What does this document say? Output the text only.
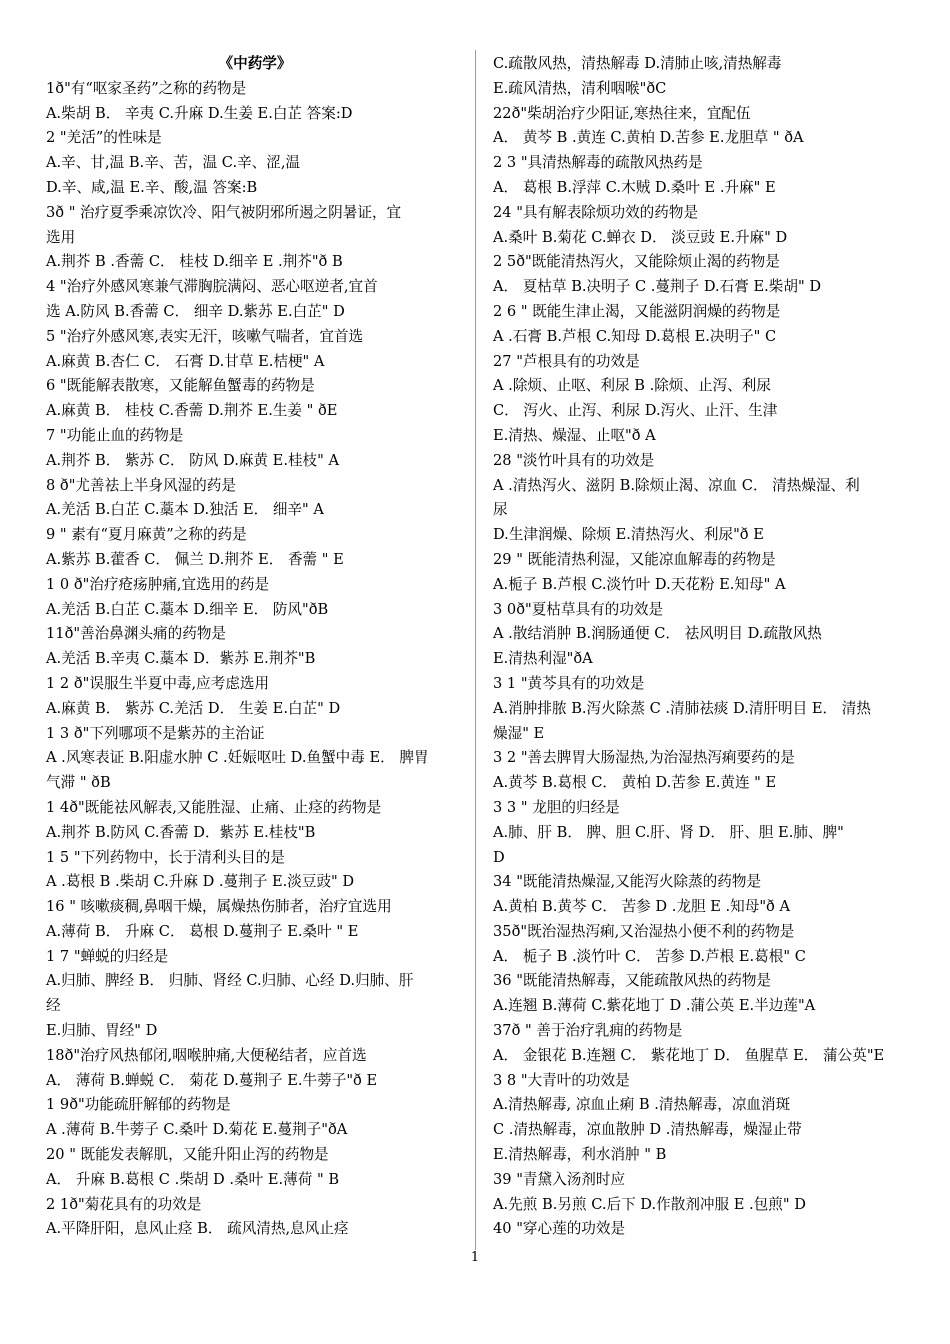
《中药学》
1ð"有“呕家圣药”之称的药物是
A.柴胡 B． 辛夷 C.升麻 D.生姜 E.白芷 答案:D
2 "羌活”的性味是
A.辛、甘,温 B.辛、苦，温 C.辛、涩,温
D.辛、咸,温 E.辛、酸,温 答案:B
3ð " 治疗夏季乘凉饮冷、阳气被阴邪所遏之阴暑证，宜
选用
A.荆芥 B .香薷 C． 桂枝 D.细辛 E .荆芥"ð B
4 "治疗外感风寒兼气滞胸脘满闷、恶心呕逆者,宜首
选 A.防风 B.香薷 C． 细辛 D.紫苏 E.白芷" D
5 "治疗外感风寒,表实无汗，咳嗽气喘者，宜首选
A.麻黄 B.杏仁 C． 石膏 D.甘草 E.桔梗" A
6 "既能解表散寒，又能解鱼蟹毒的药物是
A.麻黄 B． 桂枝 C.香薷 D.荆芥 E.生姜 " ðE
7 "功能止血的药物是
A.荆芥 B． 紫苏 C． 防风 D.麻黄 E.桂枝" A
8 ð"尤善祛上半身风湿的药是
A.羌活 B.白芷 C.藁本 D.独活 E． 细辛" A
9 " 素有“夏月麻黄”之称的药是
A.紫苏 B.藿香 C． 佩兰 D.荆芥 E． 香薷 " E
1 0 ð"治疗疮疡肿痛,宜选用的药是
A.羌活 B.白芷 C.藁本 D.细辛 E． 防风"ðB
11ð"善治鼻渊头痛的药物是
A.羌活 B.辛夷 C.藁本 D．紫苏 E.荆芥"B
1 2 ð"误服生半夏中毒,应考虑选用
A.麻黄 B． 紫苏 C.羌活 D． 生姜 E.白芷" D
1 3 ð"下列哪项不是紫苏的主治证
A .风寒表证 B.阳虚水肿 C .妊娠呕吐 D.鱼蟹中毒 E． 脾胃
气滞 " ðB
1 4ð"既能祛风解表,又能胜湿、止痛、止痉的药物是
A.荆芥 B.防风 C.香薷 D．紫苏 E.桂枝"B
1 5 "下列药物中，长于清利头目的是
A .葛根 B .柴胡 C.升麻 D .蔓荆子 E.淡豆豉" D
16 " 咳嗽痰稠,鼻咽干燥，属燥热伤肺者，治疗宜选用
A.薄荷 B． 升麻 C． 葛根 D.蔓荆子 E.桑叶 " E
1 7 "蝉蜕的归经是
A.归肺、脾经 B． 归肺、肾经 C.归肺、心经 D.归肺、肝
经
E.归肺、胃经" D
18ð"治疗风热郁闭,咽喉肿痛,大便秘结者，应首选
A． 薄荷 B.蝉蜕 C． 菊花 D.蔓荆子 E.牛蒡子"ð E
1 9ð"功能疏肝解郁的药物是
A .薄荷 B.牛蒡子 C.桑叶 D.菊花 E.蔓荆子"ðA
20 " 既能发表解肌，又能升阳止泻的药物是
A． 升麻 B.葛根 C .柴胡 D .桑叶 E.薄荷 " B
2 1ð"菊花具有的功效是
A.平降肝阳，息风止痉 B． 疏风清热,息风止痉
C.疏散风热，清热解毒 D.清肺止咳,清热解毒
E.疏风清热，清利咽喉"ðC
22ð"柴胡治疗少阳证,寒热往来，宜配伍
A． 黄芩 B .黄连 C.黄柏 D.苦参 E.龙胆草 " ðA
2 3 "具清热解毒的疏散风热药是
A． 葛根 B.浮萍 C.木贼 D.桑叶 E .升麻" E
24 "具有解表除烦功效的药物是
A.桑叶 B.菊花 C.蝉衣 D． 淡豆豉 E.升麻" D
2 5ð"既能清热泻火，又能除烦止渴的药物是
A． 夏枯草 B.决明子 C .蔓荆子 D.石膏 E.柴胡" D
2 6 " 既能生津止渴，又能滋阴润燥的药物是
A .石膏 B.芦根 C.知母 D.葛根 E.决明子" C
27 "芦根具有的功效是
A .除烦、止呕、利尿 B .除烦、止泻、利尿
C． 泻火、止泻、利尿 D.泻火、止汗、生津
E.清热、燥湿、止呕"ð A
28 "淡竹叶具有的功效是
A .清热泻火、滋阴 B.除烦止渴、凉血 C． 清热燥湿、利
尿
D.生津润燥、除烦 E.清热泻火、利尿"ð E
29 " 既能清热利湿，又能凉血解毒的药物是
A.栀子 B.芦根 C.淡竹叶 D.天花粉 E.知母" A
3 0ð"夏枯草具有的功效是
A .散结消肿 B.润肠通便 C． 祛风明目 D.疏散风热
E.清热利湿"ðA
3 1 "黄芩具有的功效是
A.消肿排脓 B.泻火除蒸 C .清肺祛痰 D.清肝明目 E． 清热
燥湿" E
3 2 "善去脾胃大肠湿热,为治湿热泻痢要药的是
A.黄芩 B.葛根 C． 黄柏 D.苦参 E.黄连 " E
3 3 " 龙胆的归经是
A.肺、肝 B． 脾、胆 C.肝、肾 D． 肝、胆 E.肺、脾"
D
34 "既能清热燥湿,又能泻火除蒸的药物是
A.黄柏 B.黄芩 C． 苦参 D .龙胆 E .知母"ð A
35ð"既治湿热泻痢,又治湿热小便不利的药物是
A． 栀子 B .淡竹叶 C． 苦参 D.芦根 E.葛根" C
36 "既能清热解毒，又能疏散风热的药物是
A.连翘 B.薄荷 C.紫花地丁 D .蒲公英 E.半边莲"A
37ð " 善于治疗乳痈的药物是
A． 金银花 B.连翘 C． 紫花地丁 D． 鱼腥草 E． 蒲公英"E
3 8 "大青叶的功效是
A.清热解毒, 凉血止痢 B .清热解毒，凉血消斑
C .清热解毒，凉血散肿 D .清热解毒，燥湿止带
E.清热解毒，利水消肿 " B
39 "青黛入汤剂时应
A.先煎 B.另煎 C.后下 D.作散剂冲服 E .包煎" D
40 "穿心莲的功效是
1
